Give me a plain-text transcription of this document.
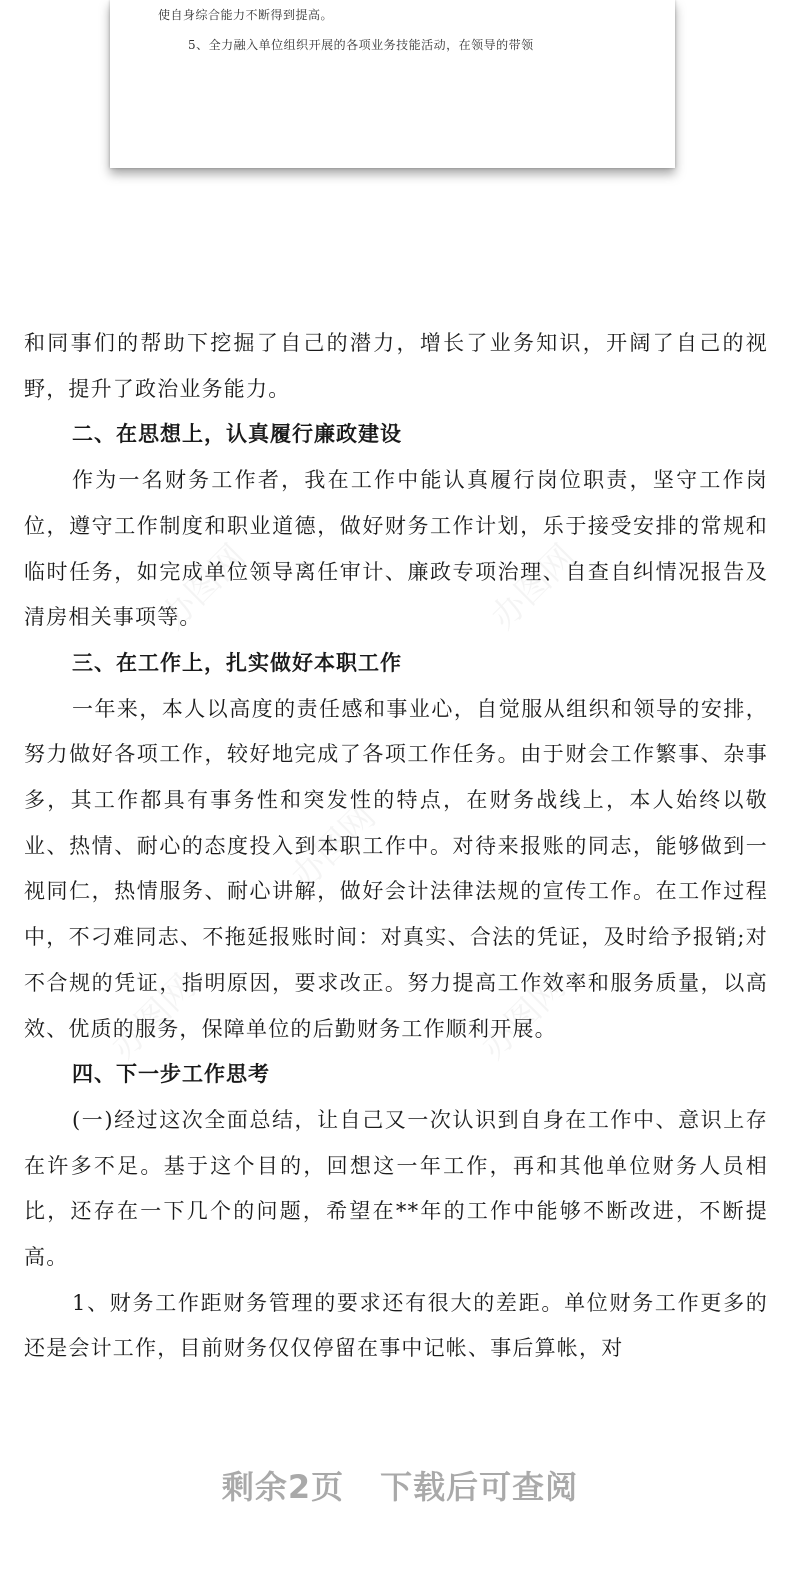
使自身综合能力不断得到提高。
5、全力融入单位组织开展的各项业务技能活动，在领导的带领
办图网	办图网
办图网
办图网	办图网

和同事们的帮助下挖掘了自己的潜力，增长了业务知识，开阔了自己的视野，提升了政治业务能力。

二、在思想上，认真履行廉政建设

作为一名财务工作者，我在工作中能认真履行岗位职责，坚守工作岗位，遵守工作制度和职业道德，做好财务工作计划，乐于接受安排的常规和临时任务，如完成单位领导离任审计、廉政专项治理、自查自纠情况报告及清房相关事项等。

三、在工作上，扎实做好本职工作

一年来，本人以高度的责任感和事业心，自觉服从组织和领导的安排，努力做好各项工作，较好地完成了各项工作任务。由于财会工作繁事、杂事多，其工作都具有事务性和突发性的特点，在财务战线上，本人始终以敬业、热情、耐心的态度投入到本职工作中。对待来报账的同志，能够做到一视同仁，热情服务、耐心讲解，做好会计法律法规的宣传工作。在工作过程中，不刁难同志、不拖延报账时间：对真实、合法的凭证，及时给予报销;对不合规的凭证，指明原因，要求改正。努力提高工作效率和服务质量，以高效、优质的服务，保障单位的后勤财务工作顺利开展。

四、下一步工作思考

(一)经过这次全面总结，让自己又一次认识到自身在工作中、意识上存在许多不足。基于这个目的，回想这一年工作，再和其他单位财务人员相比，还存在一下几个的问题，希望在**年的工作中能够不断改进，不断提高。

1、财务工作距财务管理的要求还有很大的差距。单位财务工作更多的还是会计工作，目前财务仅仅停留在事中记帐、事后算帐，对

剩余2页 下载后可查阅
